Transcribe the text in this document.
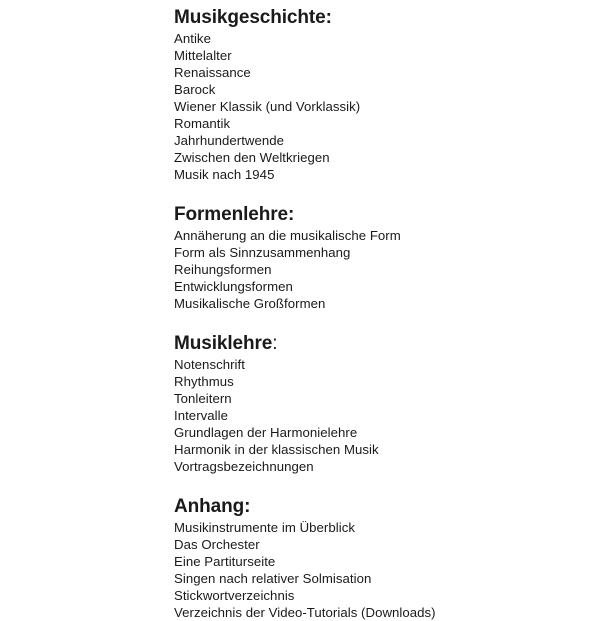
Musikgeschichte:
Antike
Mittelalter
Renaissance
Barock
Wiener Klassik (und Vorklassik)
Romantik
Jahrhundertwende
Zwischen den Weltkriegen
Musik nach 1945
Formenlehre:
Annäherung an die musikalische Form
Form als Sinnzusammenhang
Reihungsformen
Entwicklungsformen
Musikalische Großformen
Musiklehre:
Notenschrift
Rhythmus
Tonleitern
Intervalle
Grundlagen der Harmonielehre
Harmonik in der klassischen Musik
Vortragsbezeichnungen
Anhang:
Musikinstrumente im Überblick
Das Orchester
Eine Partiturseite
Singen nach relativer Solmisation
Stickwortverzeichnis
Verzeichnis der Video-Tutorials (Downloads)
